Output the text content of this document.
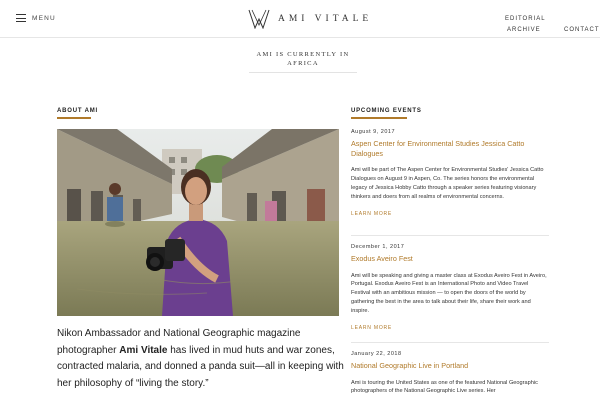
MENU	AMI VITALE	EDITORIAL
ARCHIVE	CONTACT
AMI IS CURRENTLY IN
AFRICA
ABOUT AMI

Nikon Ambassador and National Geographic magazine photographer Ami Vitale has lived in mud huts and war zones, contracted malaria, and donned a panda suit—all in keeping with her philosophy of “living the story.”

UPCOMING EVENTS
August 9, 2017
Aspen Center for Environmental Studies Jessica Catto Dialogues
Ami will be part of The Aspen Center for Environmental Studies' Jessica Catto Dialogues on August 9 in Aspen, Co. The series honors the environmental legacy of Jessica Hobby Catto through a speaker series featuring visionary thinkers and doers from all realms of environmental concerns.
LEARN MORE
December 1, 2017
Exodus Aveiro Fest
Ami will be speaking and giving a master class at Exodus Aveiro Fest in Aveiro, Portugal. Exodus Aveiro Fest is an International Photo and Video Travel Festival with an ambitious mission — to open the doors of the world by gathering the best in the area to talk about their life, share their work and inspire.
LEARN MORE
January 22, 2018
National Geographic Live in Portland
Ami is touring the United States as one of the featured National Geographic photographers of the National Geographic Live series. Her
